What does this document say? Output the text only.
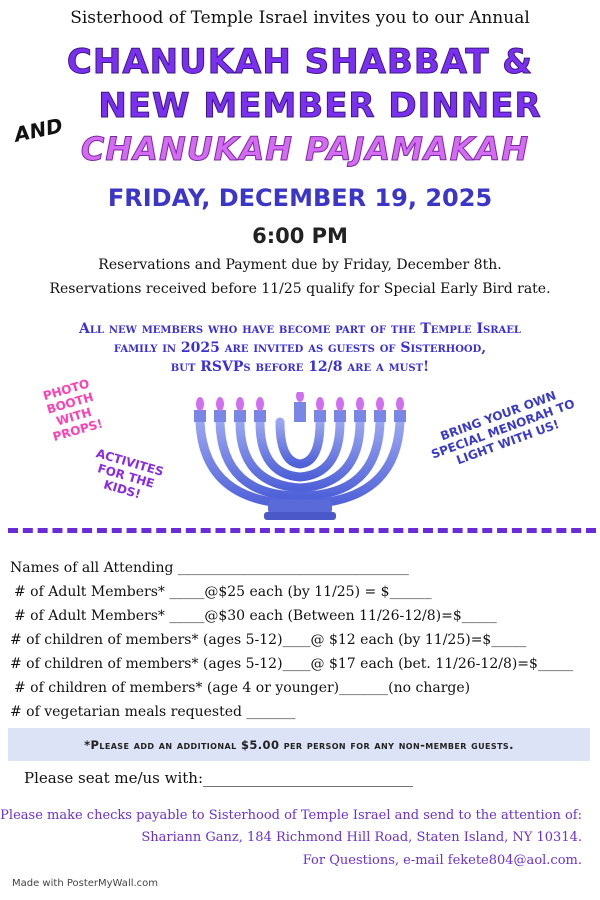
Sisterhood of Temple Israel invites you to our Annual
CHANUKAH SHABBAT &
NEW MEMBER DINNER
AND
CHANUKAH PAJAMAKAH
FRIDAY, DECEMBER 19, 2025
6:00 PM
Reservations and Payment due by Friday, December 8th.
Reservations received before 11/25 qualify for Special Early Bird rate.
All new members who have become part of the Temple Israel
family in 2025 are invited as guests of Sisterhood,
but RSVPs before 12/8 are a must!
PHOTO BOOTH WITH PROPS!
ACTIVITES FOR THE KIDS!
BRING YOUR OWN SPECIAL MENORAH TO LIGHT WITH US!
Names of all Attending _________________________________
# of Adult Members* _____@$25 each (by 11/25) = $______
# of Adult Members* _____@$30 each (Between 11/26-12/8)=$_____
# of children of members* (ages 5-12)____@ $12 each (by 11/25)=$_____
# of children of members* (ages 5-12)____@ $17 each (bet. 11/26-12/8)=$_____
# of children of members* (age 4 or younger)_______(no charge)
# of vegetarian meals requested _______
*Please add an additional $5.00 per person for any non-member guests.
Please seat me/us with:____________________________
Please make checks payable to Sisterhood of Temple Israel and send to the attention of:
Shariann Ganz, 184 Richmond Hill Road, Staten Island, NY 10314.
For Questions, e-mail fekete804@aol.com.
Made with PosterMyWall.com
